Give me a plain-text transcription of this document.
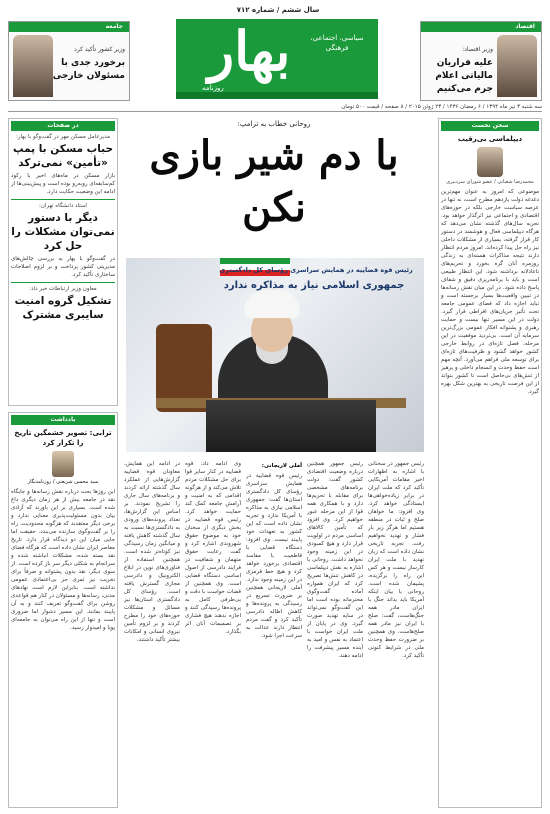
سال ششم / شماره ۷۱۲
بهار	سیاسی، اجتماعی، فرهنگی
روزنامه
اقتصاد
وزیر اقتصاد:
علیه فراریان مالیاتی اعلام جرم می‌کنیم
جامعه
وزیر کشور تأکید کرد
برخورد جدی با مسئولان خارجی
سه شنبه ۳ تیر ماه ۱۳۹۴ / ۶ رمضان ۱۴۳۶ / ۲۳ ژوئن ۲۰۱۵ / ۸ صفحه / قیمت ۵۰۰ تومان
سخن نخست
دیپلماسی بی‌رقیب
محمدرضا شعبانی / عضو شورای سردبیری
موضوعی که امروز به عنوان مهم‌ترین دغدغه دولت یازدهم مطرح است، نه تنها در عرصه سیاست خارجی بلکه در حوزه‌های اقتصادی و اجتماعی نیز اثرگذار خواهد بود. تجربه سال‌های گذشته نشان می‌دهد که هرگاه دیپلماسی فعال و هوشمند در دستور کار قرار گرفته، بسیاری از مشکلات داخلی نیز راه حل پیدا کرده‌اند. امروز مردم انتظار دارند نتیجه مذاکرات هسته‌ای به زندگی روزمره آنان گره بخورد و تحریم‌های ناعادلانه برداشته شود. این انتظار طبیعی است و باید با برنامه‌ریزی دقیق و شفاف پاسخ داده شود. در این میان نقش رسانه‌ها در تبیین واقعیت‌ها بسیار برجسته است و نباید اجازه داد که فضای عمومی جامعه تحت تأثیر جریان‌های افراطی قرار گیرد. دولت در این مسیر تنها نیست و حمایت رهبری و پشتوانه افکار عمومی بزرگ‌ترین سرمایه آن است. بی‌تردید موفقیت در این مرحله، فصل تازه‌ای در روابط خارجی کشور خواهد گشود و ظرفیت‌های تازه‌ای برای توسعه ملی فراهم می‌آورد. آنچه مهم است حفظ وحدت و انسجام داخلی و پرهیز از تنش‌های بی‌حاصل است تا کشور بتواند از این فرصت تاریخی به بهترین شکل بهره گیرد.
در صفحات
مدیرعامل مسکن مهر در گفت‌وگو با بهار:
حباب مسکن با پمپ «تأمین» نمی‌ترکد
بازار مسکن در ماه‌های اخیر با رکود کم‌سابقه‌ای روبه‌رو بوده است و پیش‌بینی‌ها از ادامه این وضعیت حکایت دارد.
استاد دانشگاه تهران:
دیگر با دستور نمی‌توان مشکلات را حل کرد
در گفت‌وگو با بهار به بررسی چالش‌های مدیریتی کشور پرداخت و بر لزوم اصلاحات ساختاری تأکید کرد.
معاون وزیر ارتباطات خبر داد:
تشکیل گروه امنیت سایبری مشترک
یادداشت
ترابی: تصویر خشمگین تاریخ را تکرار کرد
سید محسن شریعتی / روزنامه‌نگار
این روزها بحث درباره نقش رسانه‌ها و جایگاه نقد در جامعه بیش از هر زمان دیگری داغ شده است. بسیاری بر این باورند که آزادی بیان بدون مسئولیت‌پذیری معنایی ندارد و برخی دیگر معتقدند که هرگونه محدودیت، راه را بر گفت‌وگوی سازنده می‌بندد. حقیقت اما جایی میان این دو دیدگاه قرار دارد. تاریخ معاصر ایران نشان داده است که هرگاه فضای نقد بسته شده، مشکلات انباشته شده و سرانجام به شکلی دیگر سر باز کرده است. از سوی دیگر، نقد بدون پشتوانه و صرفاً برای تخریب نیز ثمری جز بی‌اعتمادی عمومی نداشته است. بنابراین لازم است نهادهای مدنی، رسانه‌ها و مسئولان در کنار هم قواعدی روشن برای گفت‌وگو تعریف کنند و به آن پایبند بمانند. این مسیر دشوار اما ضروری است و تنها از این راه می‌توان به جامعه‌ای پویا و امیدوار رسید.
روحانی خطاب به ترامپ:
با دم شیر بازی نکن
رئیس قوه قضاییه در همایش سراسری رؤسای کل دادگستری
جمهوری اسلامی نیاز به مذاکره ندارد
رئیس جمهور در سخنانی با اشاره به اظهارات اخیر مقامات آمریکایی تأکید کرد که ملت ایران در برابر زیاده‌خواهی‌ها ایستادگی خواهد کرد. وی افزود: ما خواهان صلح و ثبات در منطقه هستیم اما هرگز زیر بار فشار و تهدید نخواهیم رفت. تجربه تاریخی نشان داده است که زبان تهدید با ملت ایران کارساز نیست و هر کس این راه را برگزیده، پشیمان شده است. روحانی با بیان اینکه آمریکا باید بداند جنگ با ایران مادر همه جنگ‌هاست، گفت: صلح با ایران نیز مادر همه صلح‌هاست. وی همچنین بر ضرورت حفظ وحدت ملی در شرایط کنونی تأکید کرد.
رئیس جمهور همچنین درباره وضعیت اقتصادی کشور گفت: دولت برنامه‌های مشخصی برای مقابله با تحریم‌ها دارد و با همکاری همه قوا از این مرحله عبور خواهیم کرد. وی افزود که تأمین کالاهای اساسی مردم در اولویت قرار دارد و هیچ کمبودی در این زمینه وجود نخواهد داشت. روحانی با اشاره به نقش دیپلماسی در کاهش تنش‌ها تصریح کرد که ایران همواره آماده گفت‌وگوی محترمانه بوده است اما این گفت‌وگو نمی‌تواند در سایه تهدید صورت گیرد. وی در پایان از ملت ایران خواست با اعتماد به نفس و امید به آینده مسیر پیشرفت را ادامه دهند.
آملی لاریجانی:
رئیس قوه قضاییه در همایش سراسری رؤسای کل دادگستری استان‌ها گفت: جمهوری اسلامی نیازی به مذاکره با آمریکا ندارد و تجربه نشان داده است که این کشور به تعهدات خود پایبند نیست. وی افزود: دستگاه قضایی با قاطعیت با مفاسد اقتصادی برخورد خواهد کرد و هیچ خط قرمزی در این زمینه وجود ندارد. آملی لاریجانی همچنین بر ضرورت تسریع در رسیدگی به پرونده‌ها و کاهش اطاله دادرسی تأکید کرد و گفت مردم انتظار دارند عدالت به سرعت اجرا شود.
وی ادامه داد: قوه قضاییه در کنار سایر قوا برای حل مشکلات مردم تلاش می‌کند و از هرگونه اقدامی که به امنیت و آرامش جامعه کمک کند حمایت خواهد کرد. رئیس قوه قضاییه در بخش دیگری از سخنان خود به موضوع حقوق شهروندی اشاره کرد و گفت رعایت حقوق متهمان و شفافیت در فرایند دادرسی از اصول اساسی دستگاه قضایی است. وی همچنین از قضات خواست با دقت و بی‌طرفی کامل به پرونده‌ها رسیدگی کنند و اجازه ندهند هیچ فشاری بر تصمیمات آنان اثر بگذارد.
در ادامه این همایش، معاونان قوه قضاییه گزارش‌هایی از عملکرد سال گذشته ارائه کردند و برنامه‌های سال جاری را تشریح نمودند. بر اساس این گزارش‌ها، تعداد پرونده‌های ورودی به دادگستری‌ها نسبت به سال گذشته کاهش یافته و میانگین زمان رسیدگی نیز کوتاه‌تر شده است. همچنین استفاده از فناوری‌های نوین در ابلاغ الکترونیک و دادرسی مجازی گسترش یافته است. رؤسای کل دادگستری استان‌ها نیز مسائل و مشکلات حوزه‌های خود را مطرح کردند و بر لزوم تأمین نیروی انسانی و امکانات بیشتر تأکید داشتند.
